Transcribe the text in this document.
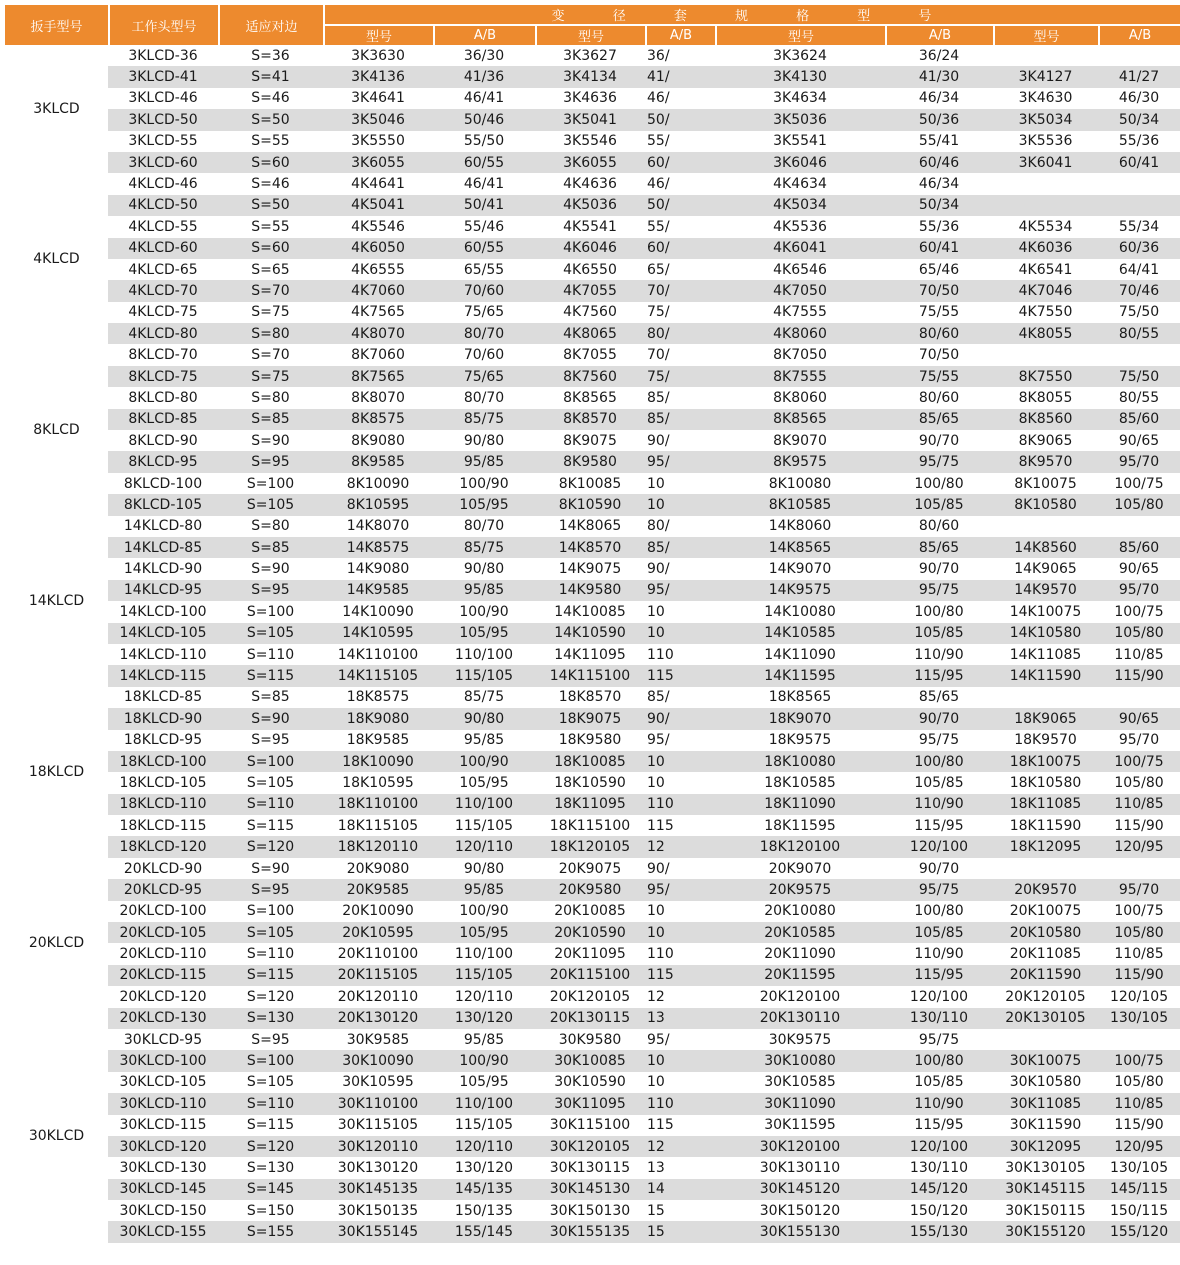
扳手型号	工作头型号	适应对边	变 径 套 规 格 型 号							
			型号	A/B	型号	A/B	型号	A/B	型号	A/B
3KLCD	3KLCD-36	S=36	3K3630	36/30	3K3627	36/	3K3624	36/24		
	3KLCD-41	S=41	3K4136	41/36	3K4134	41/	3K4130	41/30	3K4127	41/27
	3KLCD-46	S=46	3K4641	46/41	3K4636	46/	3K4634	46/34	3K4630	46/30
	3KLCD-50	S=50	3K5046	50/46	3K5041	50/	3K5036	50/36	3K5034	50/34
	3KLCD-55	S=55	3K5550	55/50	3K5546	55/	3K5541	55/41	3K5536	55/36
	3KLCD-60	S=60	3K6055	60/55	3K6055	60/	3K6046	60/46	3K6041	60/41
4KLCD	4KLCD-46	S=46	4K4641	46/41	4K4636	46/	4K4634	46/34		
	4KLCD-50	S=50	4K5041	50/41	4K5036	50/	4K5034	50/34		
	4KLCD-55	S=55	4K5546	55/46	4K5541	55/	4K5536	55/36	4K5534	55/34
	4KLCD-60	S=60	4K6050	60/55	4K6046	60/	4K6041	60/41	4K6036	60/36
	4KLCD-65	S=65	4K6555	65/55	4K6550	65/	4K6546	65/46	4K6541	64/41
	4KLCD-70	S=70	4K7060	70/60	4K7055	70/	4K7050	70/50	4K7046	70/46
	4KLCD-75	S=75	4K7565	75/65	4K7560	75/	4K7555	75/55	4K7550	75/50
	4KLCD-80	S=80	4K8070	80/70	4K8065	80/	4K8060	80/60	4K8055	80/55
8KLCD	8KLCD-70	S=70	8K7060	70/60	8K7055	70/	8K7050	70/50		
	8KLCD-75	S=75	8K7565	75/65	8K7560	75/	8K7555	75/55	8K7550	75/50
	8KLCD-80	S=80	8K8070	80/70	8K8565	85/	8K8060	80/60	8K8055	80/55
	8KLCD-85	S=85	8K8575	85/75	8K8570	85/	8K8565	85/65	8K8560	85/60
	8KLCD-90	S=90	8K9080	90/80	8K9075	90/	8K9070	90/70	8K9065	90/65
	8KLCD-95	S=95	8K9585	95/85	8K9580	95/	8K9575	95/75	8K9570	95/70
	8KLCD-100	S=100	8K10090	100/90	8K10085	10	8K10080	100/80	8K10075	100/75
	8KLCD-105	S=105	8K10595	105/95	8K10590	10	8K10585	105/85	8K10580	105/80
14KLCD	14KLCD-80	S=80	14K8070	80/70	14K8065	80/	14K8060	80/60		
	14KLCD-85	S=85	14K8575	85/75	14K8570	85/	14K8565	85/65	14K8560	85/60
	14KLCD-90	S=90	14K9080	90/80	14K9075	90/	14K9070	90/70	14K9065	90/65
	14KLCD-95	S=95	14K9585	95/85	14K9580	95/	14K9575	95/75	14K9570	95/70
	14KLCD-100	S=100	14K10090	100/90	14K10085	10	14K10080	100/80	14K10075	100/75
	14KLCD-105	S=105	14K10595	105/95	14K10590	10	14K10585	105/85	14K10580	105/80
	14KLCD-110	S=110	14K110100	110/100	14K11095	110	14K11090	110/90	14K11085	110/85
	14KLCD-115	S=115	14K115105	115/105	14K115100	115	14K11595	115/95	14K11590	115/90
18KLCD	18KLCD-85	S=85	18K8575	85/75	18K8570	85/	18K8565	85/65		
	18KLCD-90	S=90	18K9080	90/80	18K9075	90/	18K9070	90/70	18K9065	90/65
	18KLCD-95	S=95	18K9585	95/85	18K9580	95/	18K9575	95/75	18K9570	95/70
	18KLCD-100	S=100	18K10090	100/90	18K10085	10	18K10080	100/80	18K10075	100/75
	18KLCD-105	S=105	18K10595	105/95	18K10590	10	18K10585	105/85	18K10580	105/80
	18KLCD-110	S=110	18K110100	110/100	18K11095	110	18K11090	110/90	18K11085	110/85
	18KLCD-115	S=115	18K115105	115/105	18K115100	115	18K11595	115/95	18K11590	115/90
	18KLCD-120	S=120	18K120110	120/110	18K120105	12	18K120100	120/100	18K12095	120/95
20KLCD	20KLCD-90	S=90	20K9080	90/80	20K9075	90/	20K9070	90/70		
	20KLCD-95	S=95	20K9585	95/85	20K9580	95/	20K9575	95/75	20K9570	95/70
	20KLCD-100	S=100	20K10090	100/90	20K10085	10	20K10080	100/80	20K10075	100/75
	20KLCD-105	S=105	20K10595	105/95	20K10590	10	20K10585	105/85	20K10580	105/80
	20KLCD-110	S=110	20K110100	110/100	20K11095	110	20K11090	110/90	20K11085	110/85
	20KLCD-115	S=115	20K115105	115/105	20K115100	115	20K11595	115/95	20K11590	115/90
	20KLCD-120	S=120	20K120110	120/110	20K120105	12	20K120100	120/100	20K120105	120/105
	20KLCD-130	S=130	20K130120	130/120	20K130115	13	20K130110	130/110	20K130105	130/105
30KLCD	30KLCD-95	S=95	30K9585	95/85	30K9580	95/	30K9575	95/75		
	30KLCD-100	S=100	30K10090	100/90	30K10085	10	30K10080	100/80	30K10075	100/75
	30KLCD-105	S=105	30K10595	105/95	30K10590	10	30K10585	105/85	30K10580	105/80
	30KLCD-110	S=110	30K110100	110/100	30K11095	110	30K11090	110/90	30K11085	110/85
	30KLCD-115	S=115	30K115105	115/105	30K115100	115	30K11595	115/95	30K11590	115/90
	30KLCD-120	S=120	30K120110	120/110	30K120105	12	30K120100	120/100	30K12095	120/95
	30KLCD-130	S=130	30K130120	130/120	30K130115	13	30K130110	130/110	30K130105	130/105
	30KLCD-145	S=145	30K145135	145/135	30K145130	14	30K145120	145/120	30K145115	145/115
	30KLCD-150	S=150	30K150135	150/135	30K150130	15	30K150120	150/120	30K150115	150/115
	30KLCD-155	S=155	30K155145	155/145	30K155135	15	30K155130	155/130	30K155120	155/120
